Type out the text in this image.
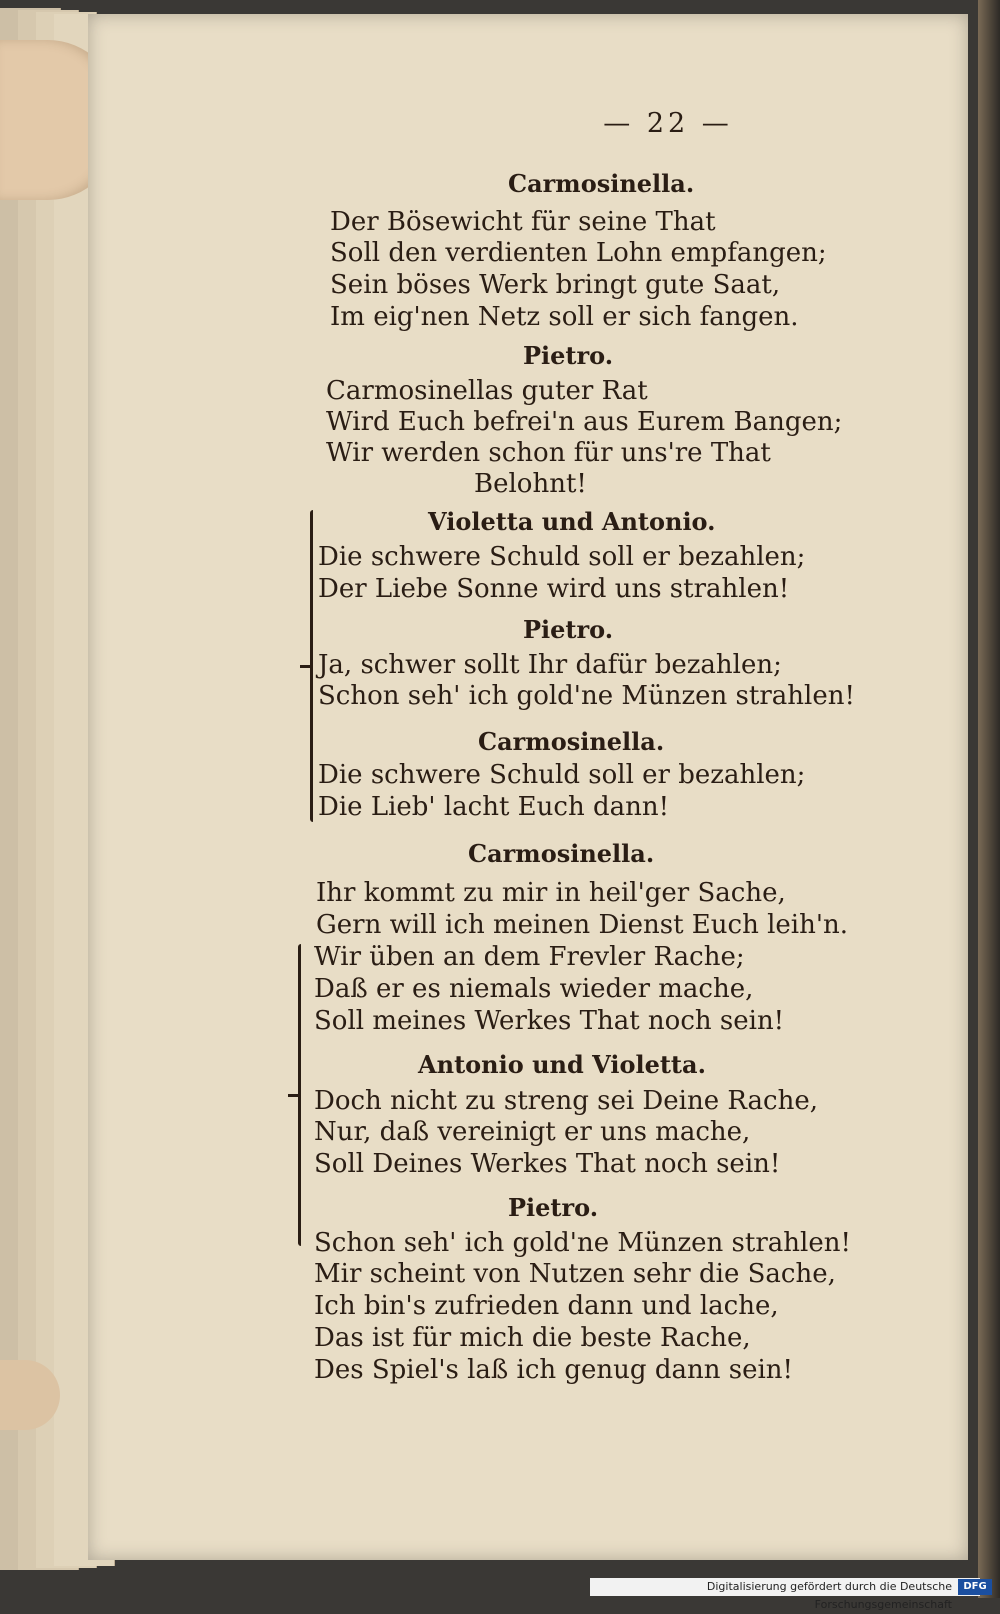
— 22 —
Carmosinella.
Der Bösewicht für seine That
Soll den verdienten Lohn empfangen;
Sein böses Werk bringt gute Saat,
Im eig'nen Netz soll er sich fangen.
Pietro.
Carmosinellas guter Rat
Wird Euch befrei'n aus Eurem Bangen;
Wir werden schon für uns're That
Belohnt!
Violetta und Antonio.
Die schwere Schuld soll er bezahlen;
Der Liebe Sonne wird uns strahlen!
Pietro.
Ja, schwer sollt Ihr dafür bezahlen;
Schon seh' ich gold'ne Münzen strahlen!
Carmosinella.
Die schwere Schuld soll er bezahlen;
Die Lieb' lacht Euch dann!
Carmosinella.
Ihr kommt zu mir in heil'ger Sache,
Gern will ich meinen Dienst Euch leih'n.
Wir üben an dem Frevler Rache;
Daß er es niemals wieder mache,
Soll meines Werkes That noch sein!
Antonio und Violetta.
Doch nicht zu streng sei Deine Rache,
Nur, daß vereinigt er uns mache,
Soll Deines Werkes That noch sein!
Pietro.
Schon seh' ich gold'ne Münzen strahlen!
Mir scheint von Nutzen sehr die Sache,
Ich bin's zufrieden dann und lache,
Das ist für mich die beste Rache,
Des Spiel's laß ich genug dann sein!
Digitalisierung gefördert durch die Deutsche Forschungsgemeinschaft
DFG
